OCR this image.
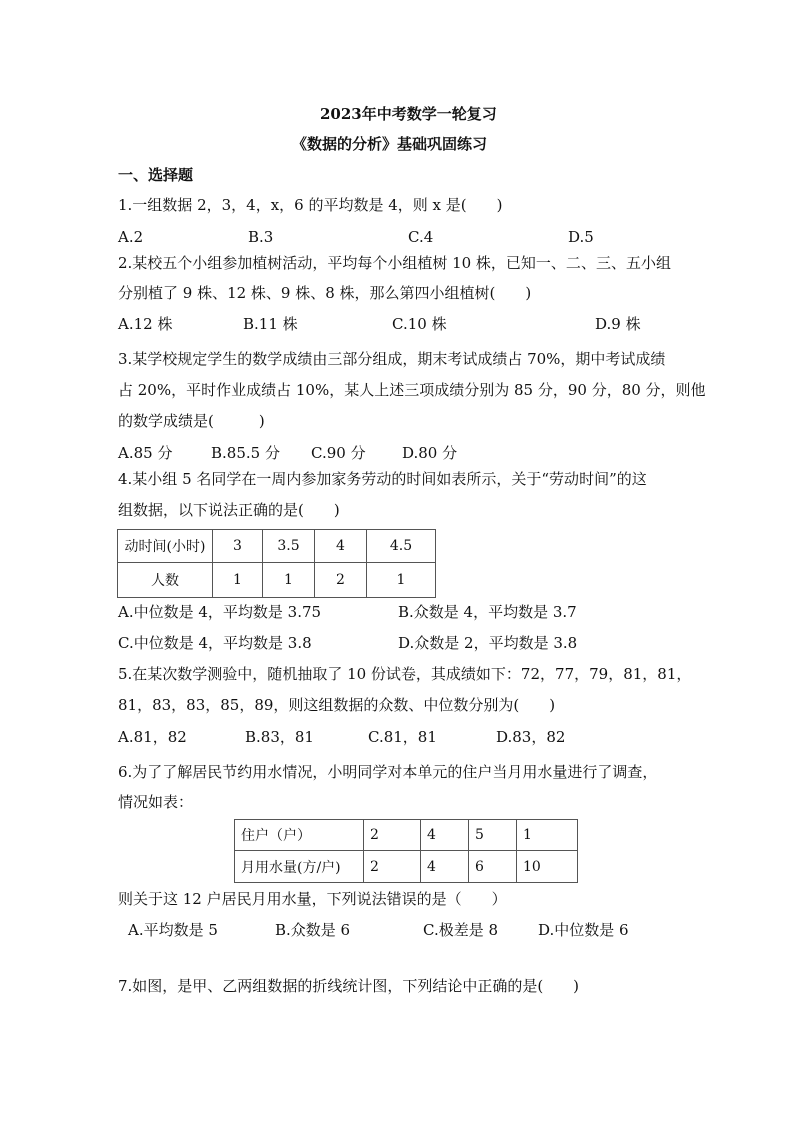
2023年中考数学一轮复习
《数据的分析》基础巩固练习
一、选择题
1.一组数据 2，3，4，x，6 的平均数是 4，则 x 是(　　)
A.2	B.3	C.4	D.5
2.某校五个小组参加植树活动，平均每个小组植树 10 株，已知一、二、三、五小组
分别植了 9 株、12 株、9 株、8 株，那么第四小组植树(　　)
A.12 株	B.11 株	C.10 株	D.9 株
3.某学校规定学生的数学成绩由三部分组成，期末考试成绩占 70%，期中考试成绩
占 20%，平时作业成绩占 10%，某人上述三项成绩分别为 85 分，90 分，80 分，则他
的数学成绩是(　　　)
A.85 分	B.85.5 分 C.90 分 D.80 分
4.某小组 5 名同学在一周内参加家务劳动的时间如表所示，关于“劳动时间”的这
组数据，以下说法正确的是(　　)
动时间(小时)	3	3.5	4	4.5
人数	1	1	2	1
A.中位数是 4，平均数是 3.75	B.众数是 4，平均数是 3.7
C.中位数是 4，平均数是 3.8	D.众数是 2，平均数是 3.8
5.在某次数学测验中，随机抽取了 10 份试卷，其成绩如下：72，77，79，81，81，
81，83，83，85，89，则这组数据的众数、中位数分别为(　　)
A.81，82	B.83，81	C.81，81	D.83，82
6.为了了解居民节约用水情况，小明同学对本单元的住户当月用水量进行了调查，
情况如表：
住户（户）	2	4	5	1
月用水量(方/户)	2	4	6	10
则关于这 12 户居民月用水量，下列说法错误的是（　　）
A.平均数是 5	B.众数是 6	C.极差是 8	D.中位数是 6
7.如图，是甲、乙两组数据的折线统计图，下列结论中正确的是(　　)
